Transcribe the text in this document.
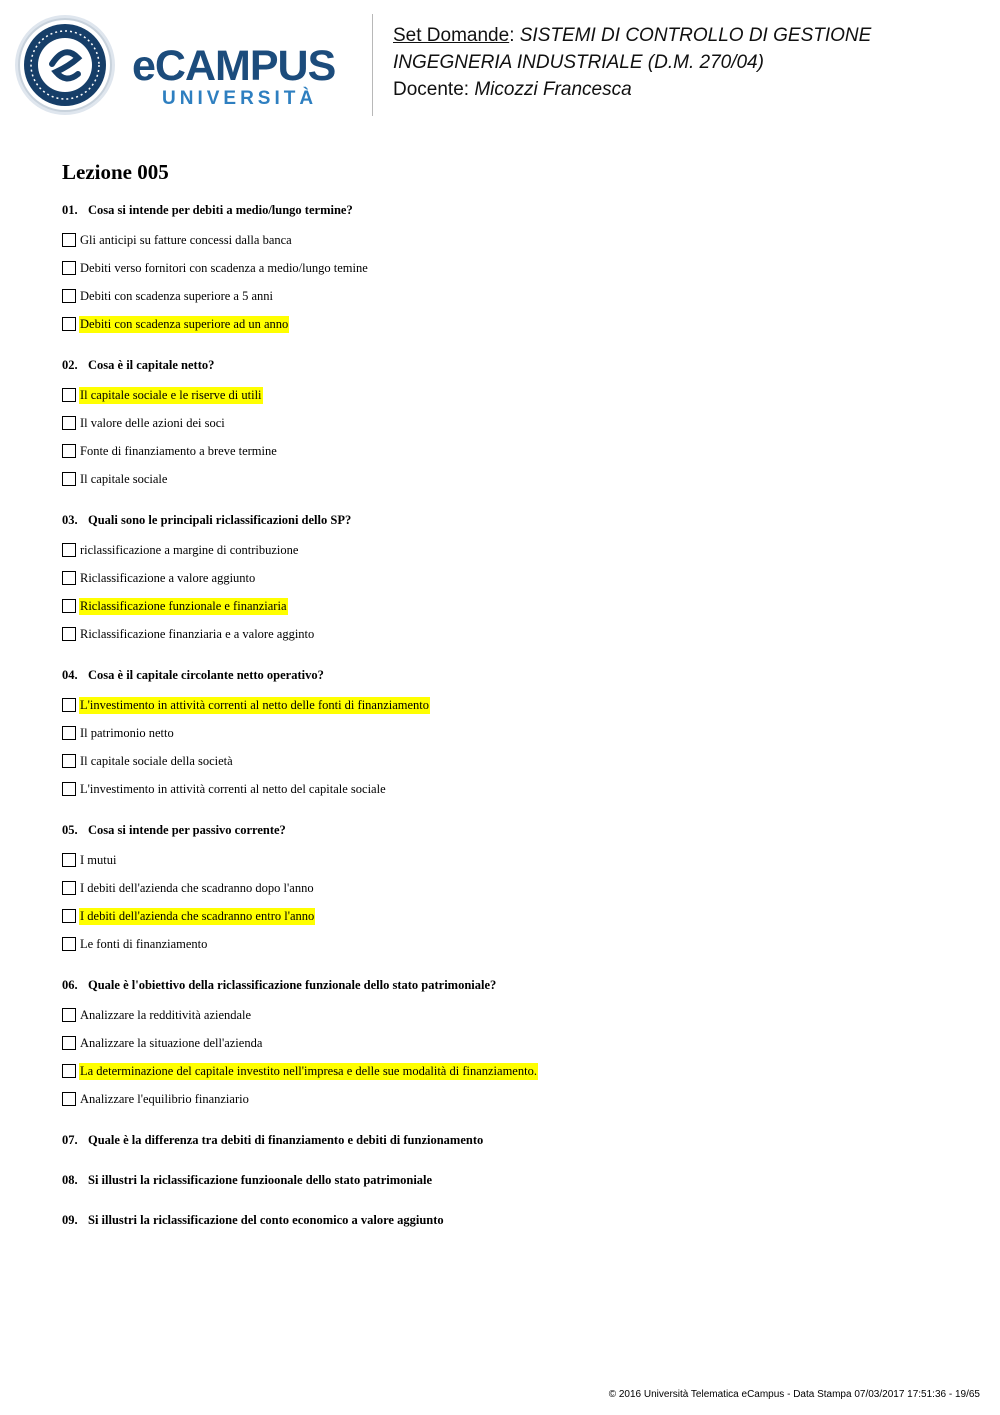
eCAMPUS
UNIVERSITÀ
Set Domande: SISTEMI DI CONTROLLO DI GESTIONE
INGEGNERIA INDUSTRIALE (D.M. 270/04)
Docente: Micozzi Francesca
Lezione 005
01. Cosa si intende per debiti a medio/lungo termine?
Gli anticipi su fatture concessi dalla banca
Debiti verso fornitori con scadenza a medio/lungo temine
Debiti con scadenza superiore a 5 anni
Debiti con scadenza superiore ad un anno
02. Cosa è il capitale netto?
Il capitale sociale e le riserve di utili
Il valore delle azioni dei soci
Fonte di finanziamento a breve termine
Il capitale sociale
03. Quali sono le principali riclassificazioni dello SP?
riclassificazione a margine di contribuzione
Riclassificazione a valore aggiunto
Riclassificazione funzionale e finanziaria
Riclassificazione finanziaria e a valore agginto
04. Cosa è il capitale circolante netto operativo?
L'investimento in attività correnti al netto delle fonti di finanziamento
Il patrimonio netto
Il capitale sociale della società
L'investimento in attività correnti al netto del capitale sociale
05. Cosa si intende per passivo corrente?
I mutui
I debiti dell'azienda che scadranno dopo l'anno
I debiti dell'azienda che scadranno entro l'anno
Le fonti di finanziamento
06. Quale è l'obiettivo della riclassificazione funzionale dello stato patrimoniale?
Analizzare la redditività aziendale
Analizzare la situazione dell'azienda
La determinazione del capitale investito nell'impresa e delle sue modalità di finanziamento.
Analizzare l'equilibrio finanziario
07. Quale è la differenza tra debiti di finanziamento e debiti di funzionamento
08. Si illustri la riclassificazione funzioonale dello stato patrimoniale
09. Si illustri la riclassificazione del conto economico a valore aggiunto
© 2016 Università Telematica eCampus - Data Stampa 07/03/2017 17:51:36 - 19/65
